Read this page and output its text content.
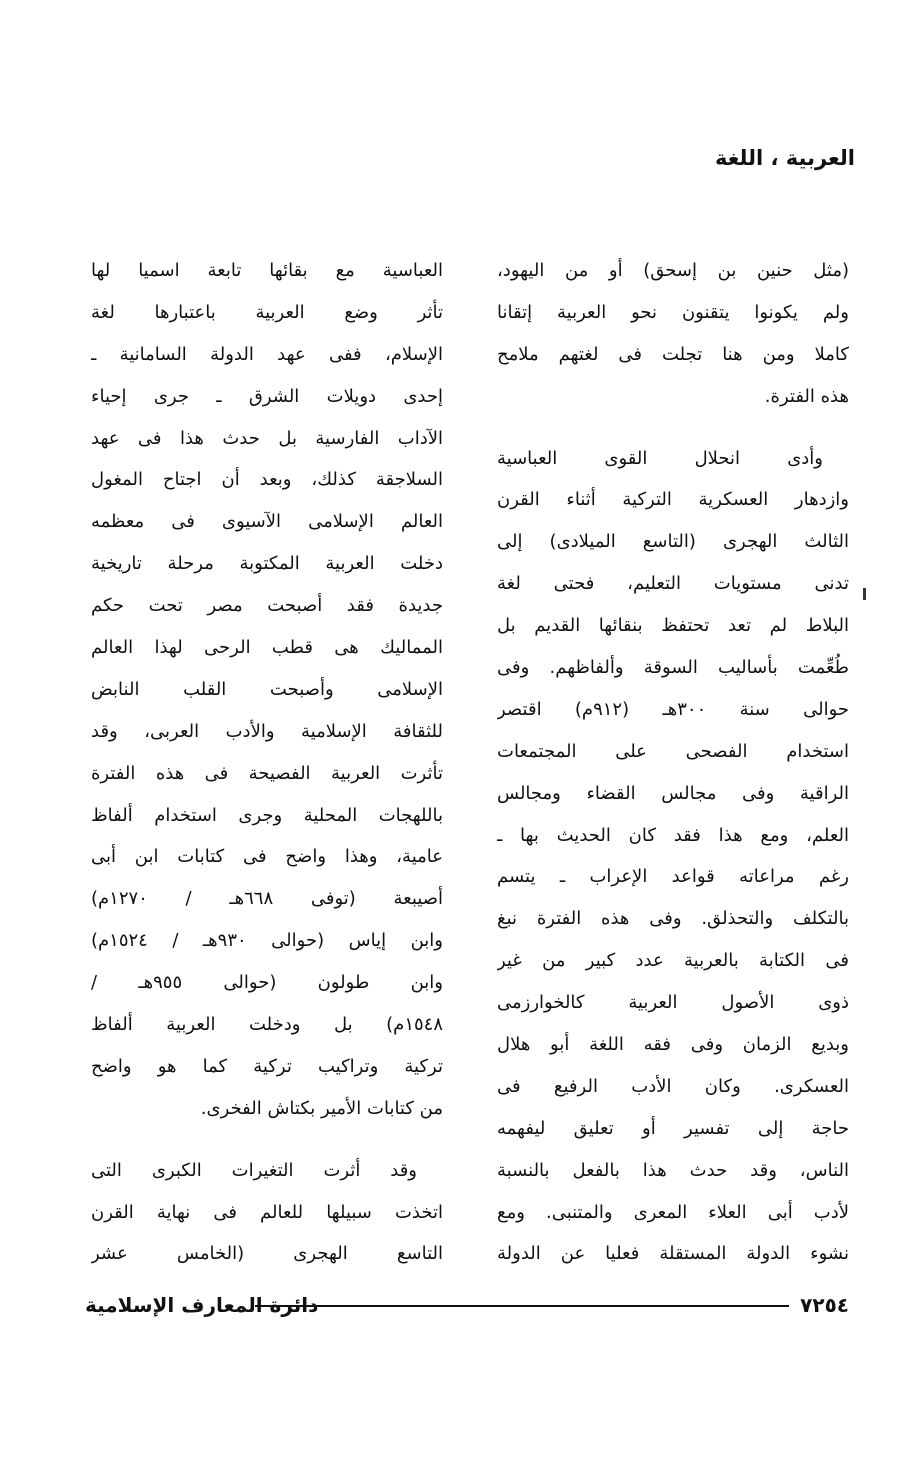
العربية ، اللغة
(مثل حنين بن إسحق) أو من اليهود،
ولم يكونوا يتقنون نحو العربية إتقانا
كاملا ومن هنا تجلت فى لغتهم ملامح
هذه الفترة.
وأدى انحلال القوى العباسية
وازدهار العسكرية التركية أثناء القرن
الثالث الهجرى (التاسع الميلادى) إلى
تدنى مستويات التعليم، فحتى لغة
البلاط لم تعد تحتفظ بنقائها القديم بل
طُعِّمت بأساليب السوقة وألفاظهم. وفى
حوالى سنة ٣٠٠هـ (٩١٢م) اقتصر
استخدام الفصحى على المجتمعات
الراقية وفى مجالس القضاء ومجالس
العلم، ومع هذا فقد كان الحديث بها ـ
رغم مراعاته قواعد الإعراب ـ يتسم
بالتكلف والتحذلق. وفى هذه الفترة نبغ
فى الكتابة بالعربية عدد كبير من غير
ذوى الأصول العربية كالخوارزمى
وبديع الزمان وفى فقه اللغة أبو هلال
العسكرى. وكان الأدب الرفيع فى
حاجة إلى تفسير أو تعليق ليفهمه
الناس، وقد حدث هذا بالفعل بالنسبة
لأدب أبى العلاء المعرى والمتنبى. ومع
نشوء الدولة المستقلة فعليا عن الدولة
العباسية مع بقائها تابعة اسميا لها
تأثر وضع العربية باعتبارها لغة
الإسلام، ففى عهد الدولة السامانية ـ
إحدى دويلات الشرق ـ جرى إحياء
الآداب الفارسية بل حدث هذا فى عهد
السلاجقة كذلك، وبعد أن اجتاح المغول
العالم الإسلامى الآسيوى فى معظمه
دخلت العربية المكتوبة مرحلة تاريخية
جديدة فقد أصبحت مصر تحت حكم
المماليك هى قطب الرحى لهذا العالم
الإسلامى وأصبحت القلب النابض
للثقافة الإسلامية والأدب العربى، وقد
تأثرت العربية الفصيحة فى هذه الفترة
باللهجات المحلية وجرى استخدام ألفاظ
عامية، وهذا واضح فى كتابات ابن أبى
أصيبعة (توفى ٦٦٨هـ / ١٢٧٠م)
وابن إياس (حوالى ٩٣٠هـ / ١٥٢٤م)
وابن طولون (حوالى ٩٥٥هـ /
١٥٤٨م) بل ودخلت العربية ألفاظ
تركية وتراكيب تركية كما هو واضح
من كتابات الأمير بكتاش الفخرى.
وقد أثرت التغيرات الكبرى التى
اتخذت سبيلها للعالم فى نهاية القرن
التاسع الهجرى (الخامس عشر
٧٢٥٤
دائرة المعارف الإسلامية
